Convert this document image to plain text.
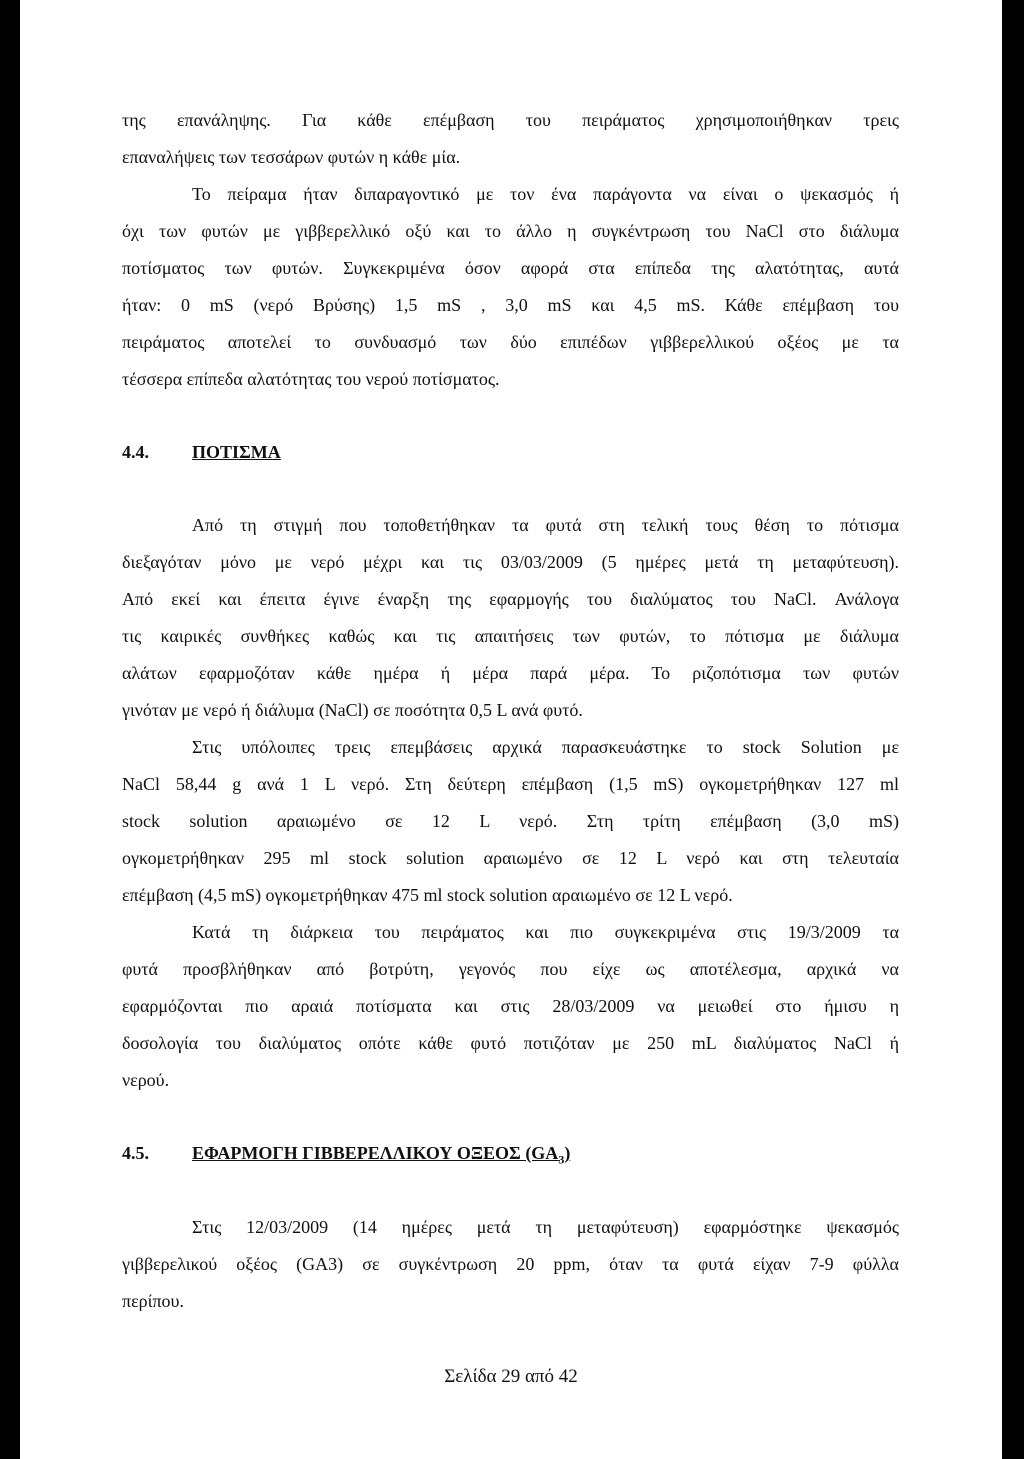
της επανάληψης. Για κάθε επέμβαση του πειράματος χρησιμοποιήθηκαν τρεις
επαναλήψεις των τεσσάρων φυτών η κάθε μία.
Το πείραμα ήταν διπαραγοντικό με τον ένα παράγοντα να είναι ο ψεκασμός ή
όχι των φυτών με γιββερελλικό οξύ και το άλλο η συγκέντρωση του NaCl στο διάλυμα
ποτίσματος των φυτών. Συγκεκριμένα όσον αφορά στα επίπεδα της αλατότητας, αυτά
ήταν: 0 mS (νερό Βρύσης) 1,5 mS , 3,0 mS και 4,5 mS. Κάθε επέμβαση του
πειράματος αποτελεί το συνδυασμό των δύο επιπέδων γιββερελλικού οξέος με τα
τέσσερα επίπεδα αλατότητας του νερού ποτίσματος.
4.4. ΠΟΤΙΣΜΑ
Από τη στιγμή που τοποθετήθηκαν τα φυτά στη τελική τους θέση το πότισμα
διεξαγόταν μόνο με νερό μέχρι και τις 03/03/2009 (5 ημέρες μετά τη μεταφύτευση).
Από εκεί και έπειτα έγινε έναρξη της εφαρμογής του διαλύματος του NaCl. Ανάλογα
τις καιρικές συνθήκες καθώς και τις απαιτήσεις των φυτών, το πότισμα με διάλυμα
αλάτων εφαρμοζόταν κάθε ημέρα ή μέρα παρά μέρα. Το ριζοπότισμα των φυτών
γινόταν με νερό ή διάλυμα (NaCl) σε ποσότητα 0,5 L ανά φυτό.
Στις υπόλοιπες τρεις επεμβάσεις αρχικά παρασκευάστηκε το stock Solution με
NaCl 58,44 g ανά 1 L νερό. Στη δεύτερη επέμβαση (1,5 mS) ογκομετρήθηκαν 127 ml
stock solution αραιωμένο σε 12 L νερό. Στη τρίτη επέμβαση (3,0 mS)
ογκομετρήθηκαν 295 ml stock solution αραιωμένο σε 12 L νερό και στη τελευταία
επέμβαση (4,5 mS) ογκομετρήθηκαν 475 ml stock solution αραιωμένο σε 12 L νερό.
Κατά τη διάρκεια του πειράματος και πιο συγκεκριμένα στις 19/3/2009 τα
φυτά προσβλήθηκαν από βοτρύτη, γεγονός που είχε ως αποτέλεσμα, αρχικά να
εφαρμόζονται πιο αραιά ποτίσματα και στις 28/03/2009 να μειωθεί στο ήμισυ η
δοσολογία του διαλύματος οπότε κάθε φυτό ποτιζόταν με 250 mL διαλύματος NaCl ή
νερού.
4.5. ΕΦΑΡΜΟΓΗ ΓΙΒΒΕΡΕΛΛΙΚΟΥ ΟΞΕΟΣ $(GA_3)$
Στις 12/03/2009 (14 ημέρες μετά τη μεταφύτευση) εφαρμόστηκε ψεκασμός
γιββερελικού οξέος (GA3) σε συγκέντρωση 20 ppm, όταν τα φυτά είχαν 7-9 φύλλα
περίπου.
Σελίδα 29 από 42
